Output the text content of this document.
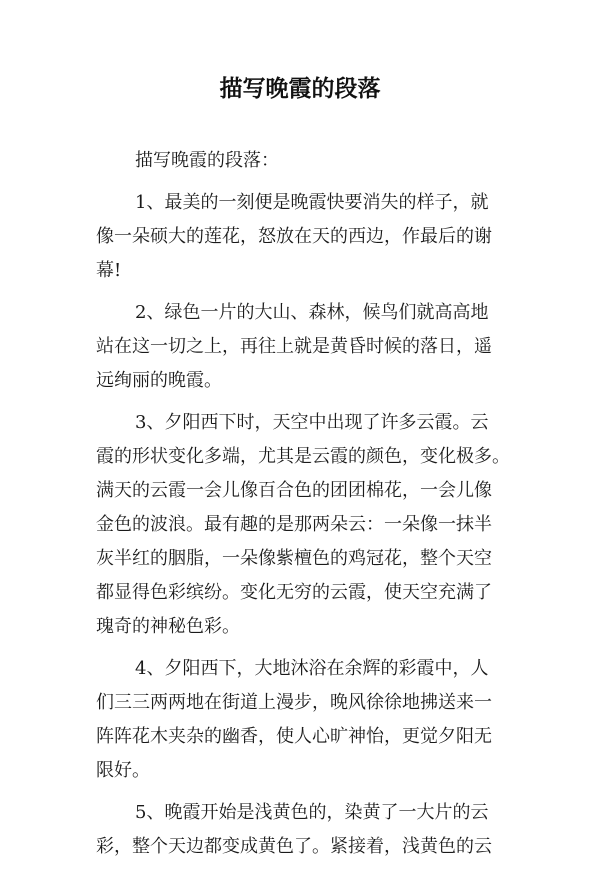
描写晚霞的段落
描写晚霞的段落：
1、最美的一刻便是晚霞快要消失的样子，就
像一朵硕大的莲花，怒放在天的西边，作最后的谢
幕!
2、绿色一片的大山、森林，候鸟们就高高地
站在这一切之上，再往上就是黄昏时候的落日，遥
远绚丽的晚霞。
3、夕阳西下时，天空中出现了许多云霞。云
霞的形状变化多端，尤其是云霞的颜色，变化极多。
满天的云霞一会儿像百合色的团团棉花，一会儿像
金色的波浪。最有趣的是那两朵云：一朵像一抹半
灰半红的胭脂，一朵像紫檀色的鸡冠花，整个天空
都显得色彩缤纷。变化无穷的云霞，使天空充满了
瑰奇的神秘色彩。
4、夕阳西下，大地沐浴在余辉的彩霞中，人
们三三两两地在街道上漫步，晚风徐徐地拂送来一
阵阵花木夹杂的幽香，使人心旷神怡，更觉夕阳无
限好。
5、晚霞开始是浅黄色的，染黄了一大片的云
彩，整个天边都变成黄色了。紧接着，浅黄色的云
